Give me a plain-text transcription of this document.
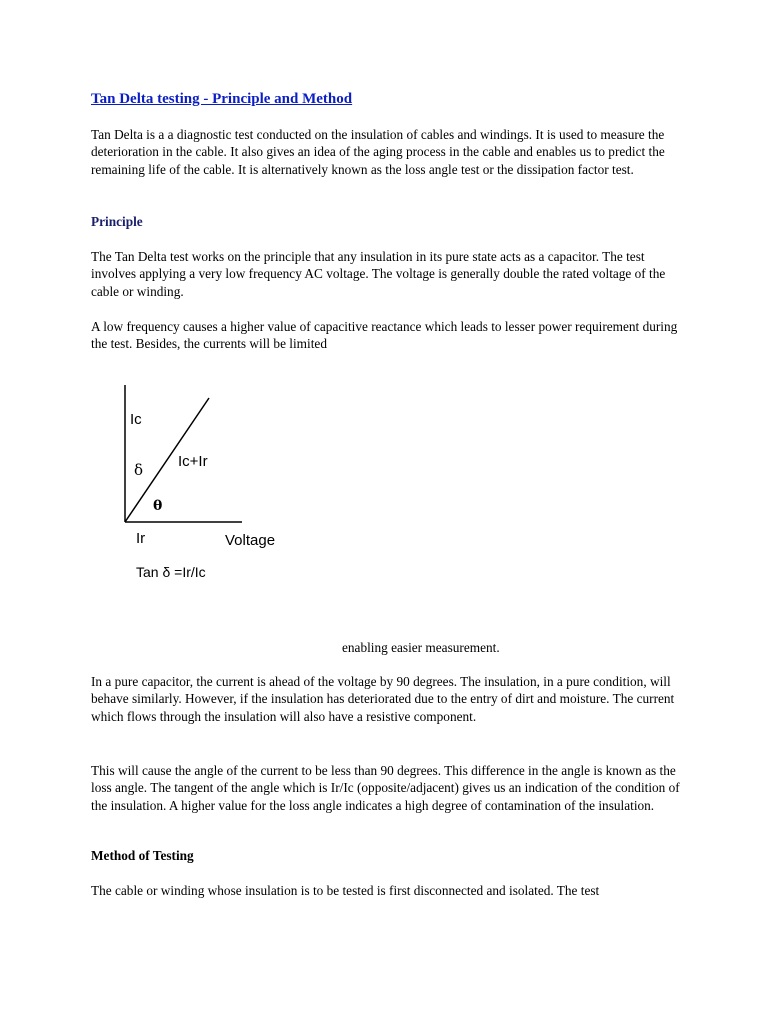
Tan Delta testing - Principle and Method

Tan Delta is a a diagnostic test conducted on the insulation of cables and windings. It is used to measure the deterioration in the cable. It also gives an idea of the aging process in the cable and enables us to predict the remaining life of the cable. It is alternatively known as the loss angle test or the dissipation factor test.

Principle

The Tan Delta test works on the principle that any insulation in its pure state acts as a capacitor. The test involves applying a very low frequency AC voltage. The voltage is generally double the rated voltage of the cable or winding.

A low frequency causes a higher value of capacitive reactance which leads to lesser power requirement during the test. Besides, the currents will be limited

In a pure capacitor, the current is ahead of the voltage by 90 degrees. The insulation, in a pure condition, will behave similarly. However, if the insulation has deteriorated due to the entry of dirt and moisture. The current which flows through the insulation will also have a resistive component.

This will cause the angle of the current to be less than 90 degrees. This difference in the angle is known as the loss angle. The tangent of the angle which is Ir/Ic (opposite/adjacent) gives us an indication of the condition of the insulation. A higher value for the loss angle indicates a high degree of contamination of the insulation.

Method of Testing

The cable or winding whose insulation is to be tested is first disconnected and isolated. The test

Ic
δ Ic+Ir
θ
Ir	Voltage
Tan δ =Ir/Ic

enabling easier measurement.
